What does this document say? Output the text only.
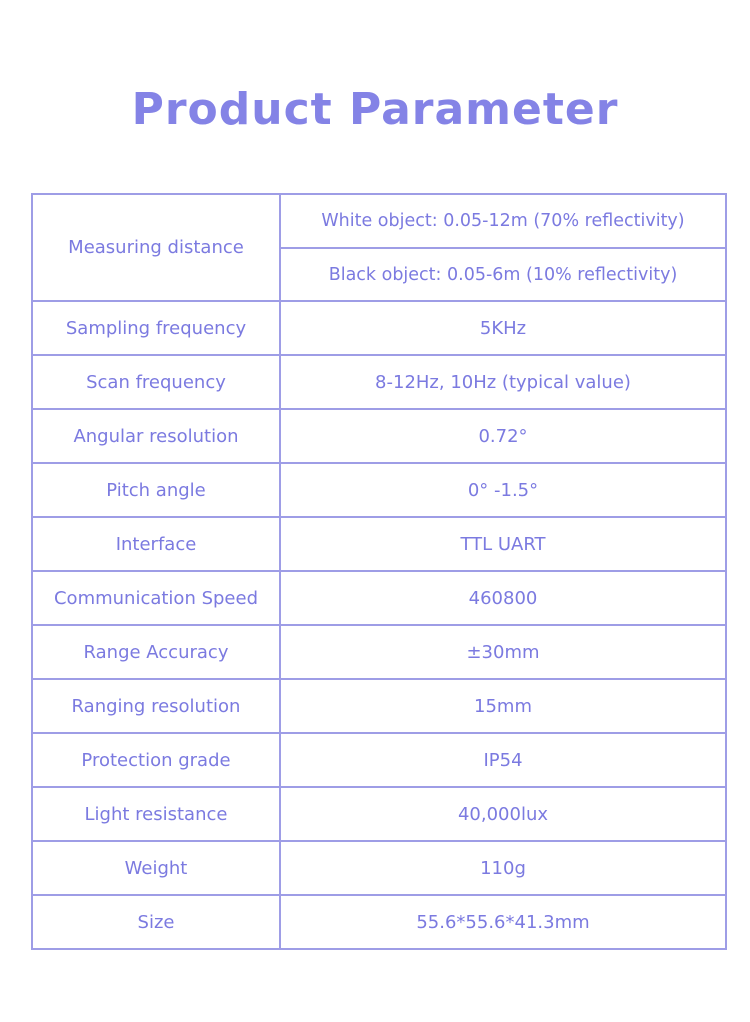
Product Parameter
Measuring distance	White object: 0.05-12m (70% reflectivity)
	Black object: 0.05-6m (10% reflectivity)
Sampling frequency	5KHz
Scan frequency	8-12Hz, 10Hz (typical value)
Angular resolution	0.72°
Pitch angle	0° -1.5°
Interface	TTL UART
Communication Speed	460800
Range Accuracy	±30mm
Ranging resolution	15mm
Protection grade	IP54
Light resistance	40,000lux
Weight	110g
Size	55.6*55.6*41.3mm
